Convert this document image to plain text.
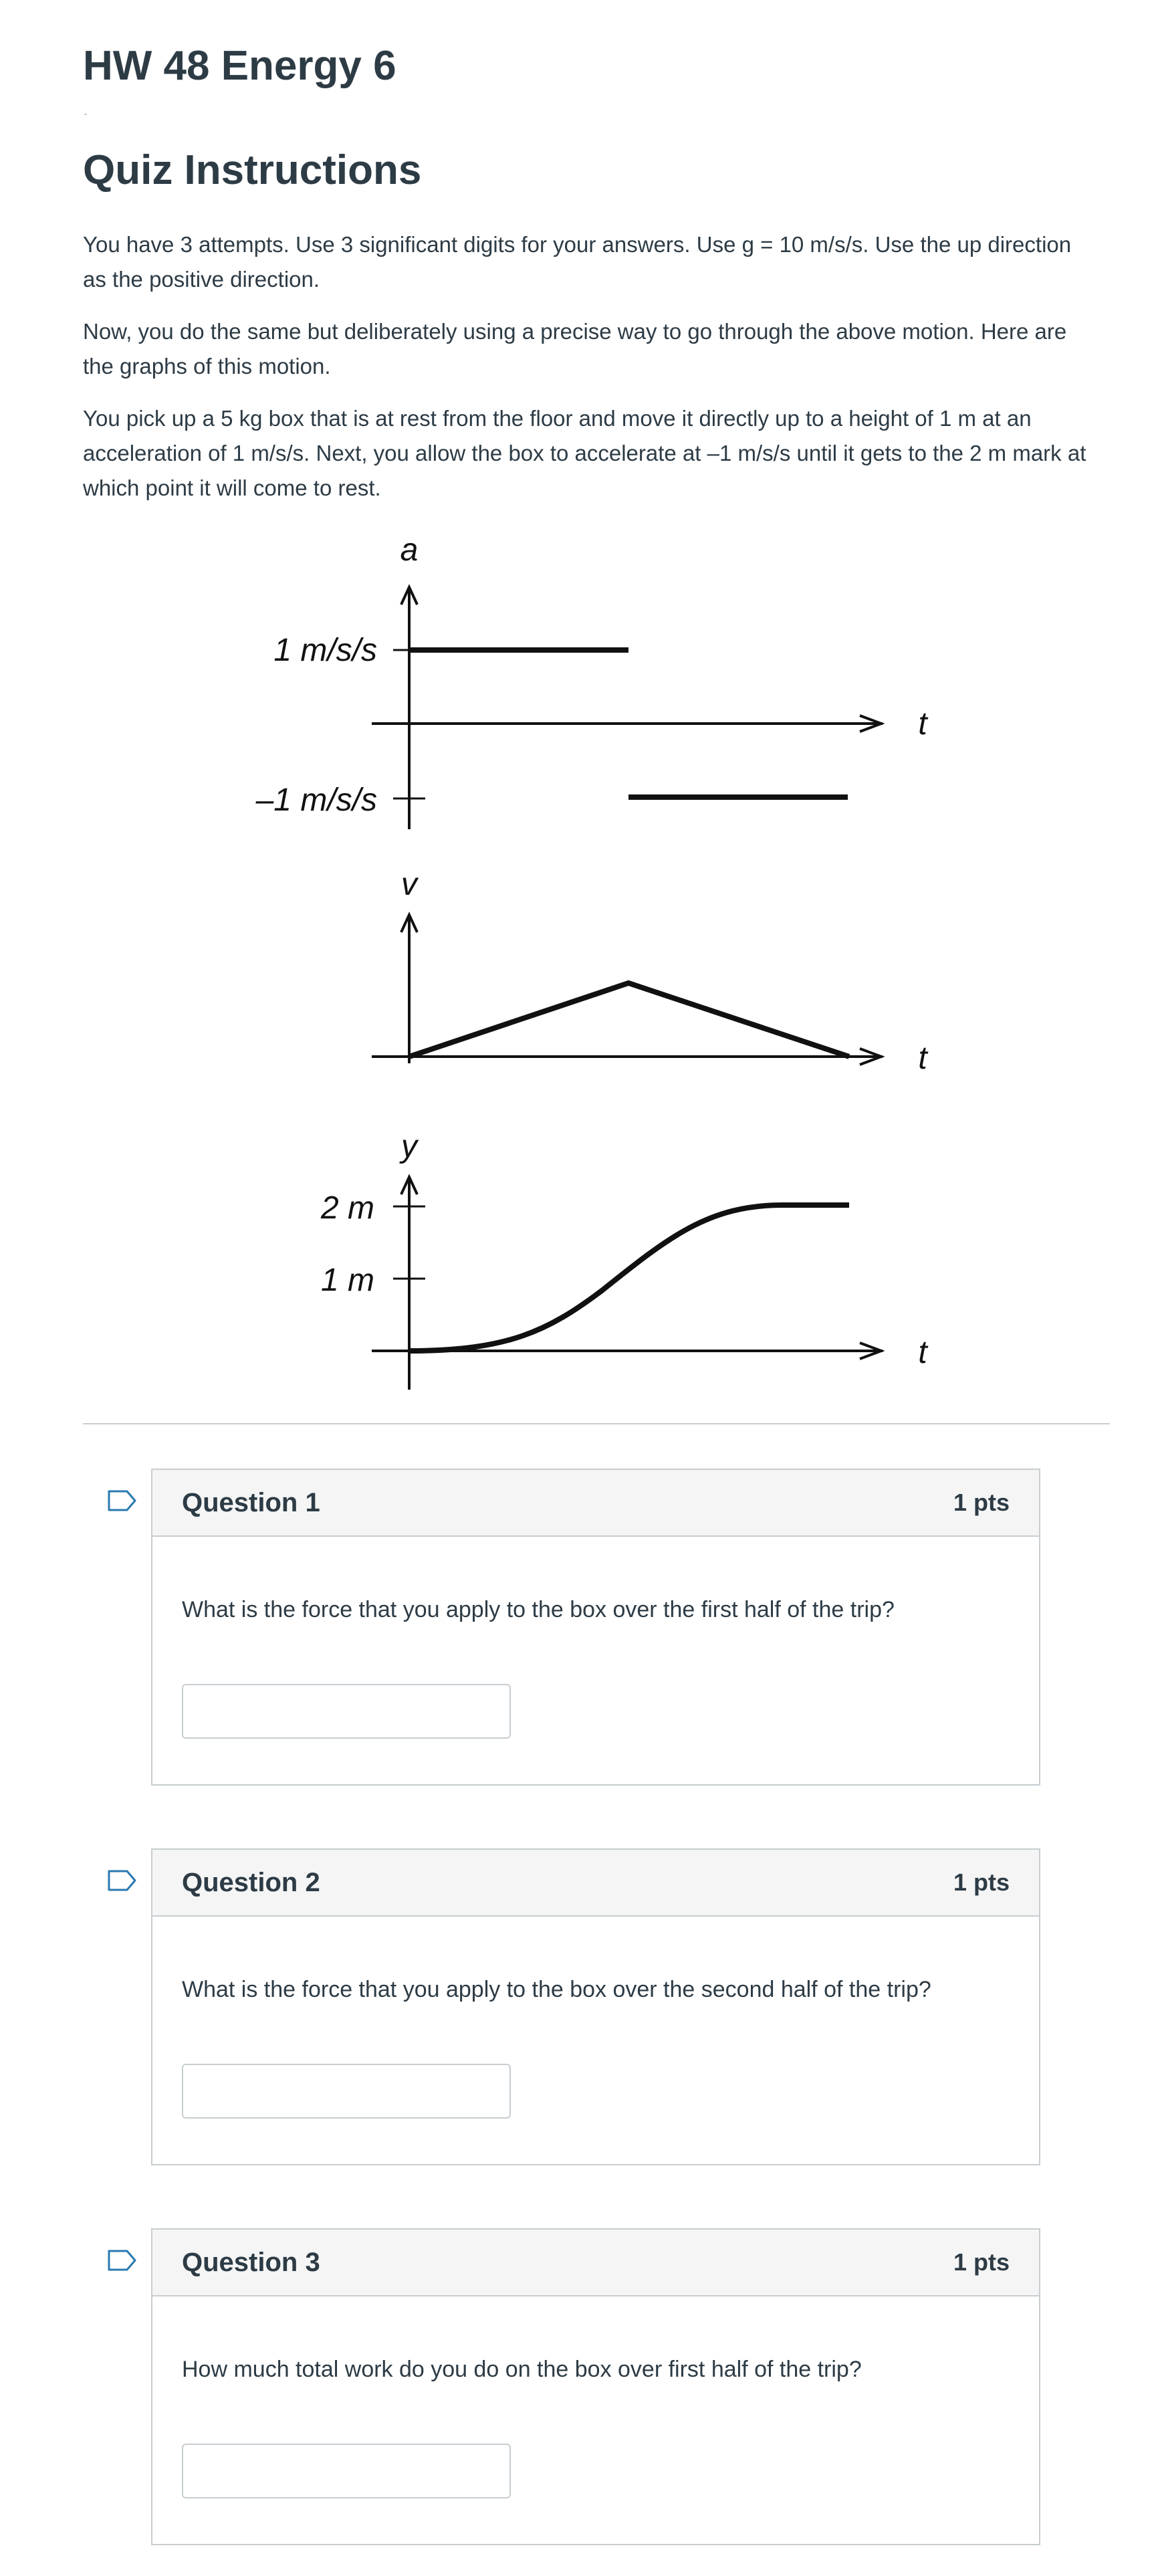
HW 48 Energy 6
Quiz Instructions

You have 3 attempts. Use 3 significant digits for your answers. Use g = 10 m/s/s. Use the up direction as the positive direction.

Now, you do the same but deliberately using a precise way to go through the above motion. Here are the graphs of this motion.

You pick up a 5 kg box that is at rest from the floor and move it directly up to a height of 1 m at an acceleration of 1 m/s/s. Next, you allow the box to accelerate at –1 m/s/s until it gets to the 2 m mark at which point it will come to rest.

a
t
1 m/s/s
–1 m/s/s
v
t
y
t
2 m
1 m
Question 1	1 pts
What is the force that you apply to the box over the first half of the trip?
Question 2	1 pts
What is the force that you apply to the box over the second half of the trip?
Question 3	1 pts
How much total work do you do on the box over first half of the trip?
